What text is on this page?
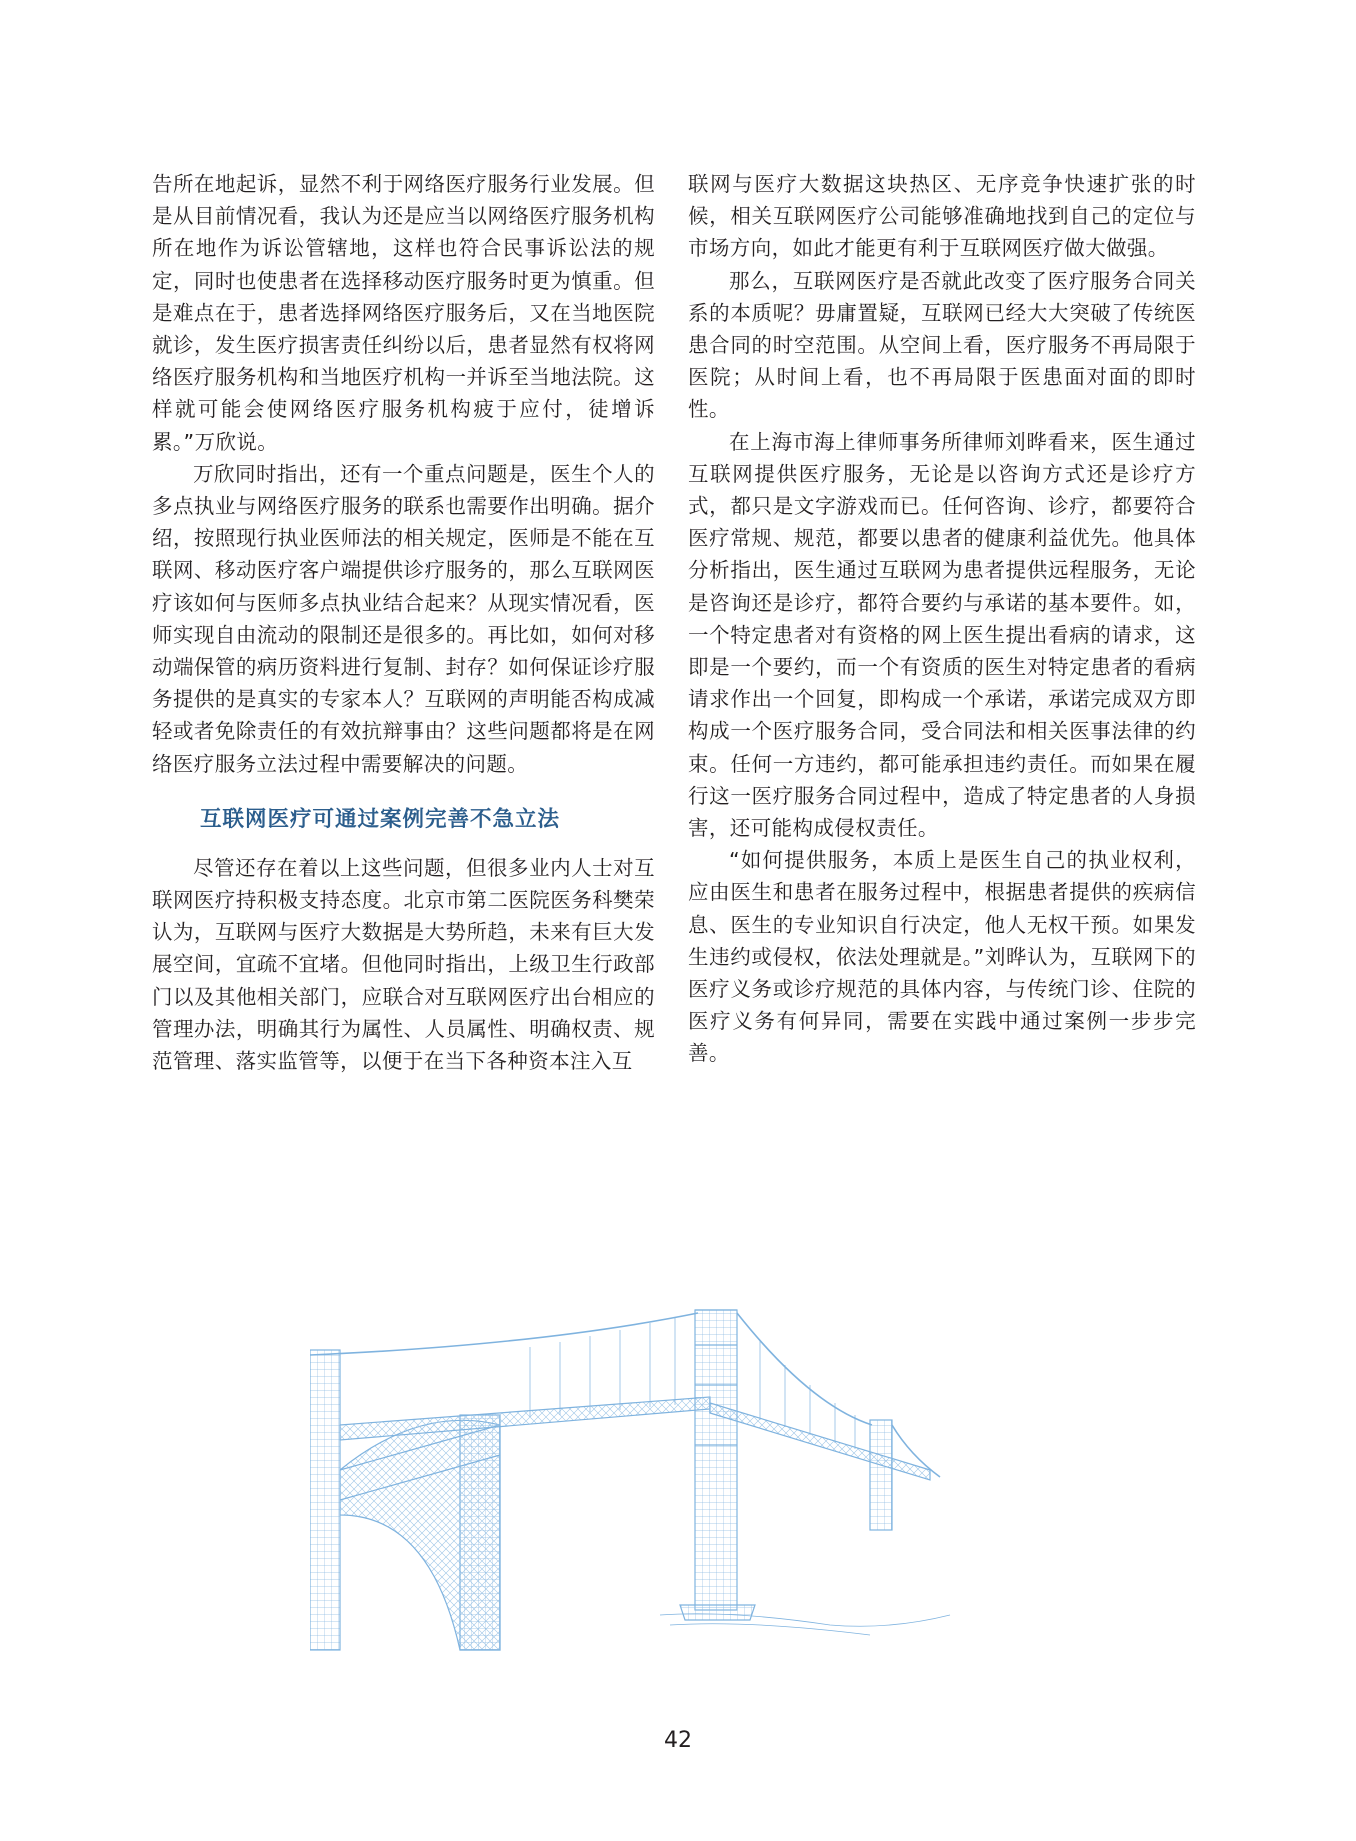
告所在地起诉，显然不利于网络医疗服务行业发展。但是从目前情况看，我认为还是应当以网络医疗服务机构所在地作为诉讼管辖地，这样也符合民事诉讼法的规定，同时也使患者在选择移动医疗服务时更为慎重。但是难点在于，患者选择网络医疗服务后，又在当地医院就诊，发生医疗损害责任纠纷以后，患者显然有权将网络医疗服务机构和当地医疗机构一并诉至当地法院。这样就可能会使网络医疗服务机构疲于应付，徒增诉累。”万欣说。

万欣同时指出，还有一个重点问题是，医生个人的多点执业与网络医疗服务的联系也需要作出明确。据介绍，按照现行执业医师法的相关规定，医师是不能在互联网、移动医疗客户端提供诊疗服务的，那么互联网医疗该如何与医师多点执业结合起来？从现实情况看，医师实现自由流动的限制还是很多的。再比如，如何对移动端保管的病历资料进行复制、封存？如何保证诊疗服务提供的是真实的专家本人？互联网的声明能否构成减轻或者免除责任的有效抗辩事由？这些问题都将是在网络医疗服务立法过程中需要解决的问题。

互联网医疗可通过案例完善不急立法

尽管还存在着以上这些问题，但很多业内人士对互联网医疗持积极支持态度。北京市第二医院医务科樊荣认为，互联网与医疗大数据是大势所趋，未来有巨大发展空间，宜疏不宜堵。但他同时指出，上级卫生行政部门以及其他相关部门，应联合对互联网医疗出台相应的管理办法，明确其行为属性、人员属性、明确权责、规范管理、落实监管等，以便于在当下各种资本注入互

联网与医疗大数据这块热区、无序竞争快速扩张的时候，相关互联网医疗公司能够准确地找到自己的定位与市场方向，如此才能更有利于互联网医疗做大做强。

那么，互联网医疗是否就此改变了医疗服务合同关系的本质呢？毋庸置疑，互联网已经大大突破了传统医患合同的时空范围。从空间上看，医疗服务不再局限于医院；从时间上看，也不再局限于医患面对面的即时性。

在上海市海上律师事务所律师刘晔看来，医生通过互联网提供医疗服务，无论是以咨询方式还是诊疗方式，都只是文字游戏而已。任何咨询、诊疗，都要符合医疗常规、规范，都要以患者的健康利益优先。他具体分析指出，医生通过互联网为患者提供远程服务，无论是咨询还是诊疗，都符合要约与承诺的基本要件。如，一个特定患者对有资格的网上医生提出看病的请求，这即是一个要约，而一个有资质的医生对特定患者的看病请求作出一个回复，即构成一个承诺，承诺完成双方即构成一个医疗服务合同，受合同法和相关医事法律的约束。任何一方违约，都可能承担违约责任。而如果在履行这一医疗服务合同过程中，造成了特定患者的人身损害，还可能构成侵权责任。

“如何提供服务，本质上是医生自己的执业权利，应由医生和患者在服务过程中，根据患者提供的疾病信息、医生的专业知识自行决定，他人无权干预。如果发生违约或侵权，依法处理就是。”刘晔认为，互联网下的医疗义务或诊疗规范的具体内容，与传统门诊、住院的医疗义务有何异同，需要在实践中通过案例一步步完善。

42
